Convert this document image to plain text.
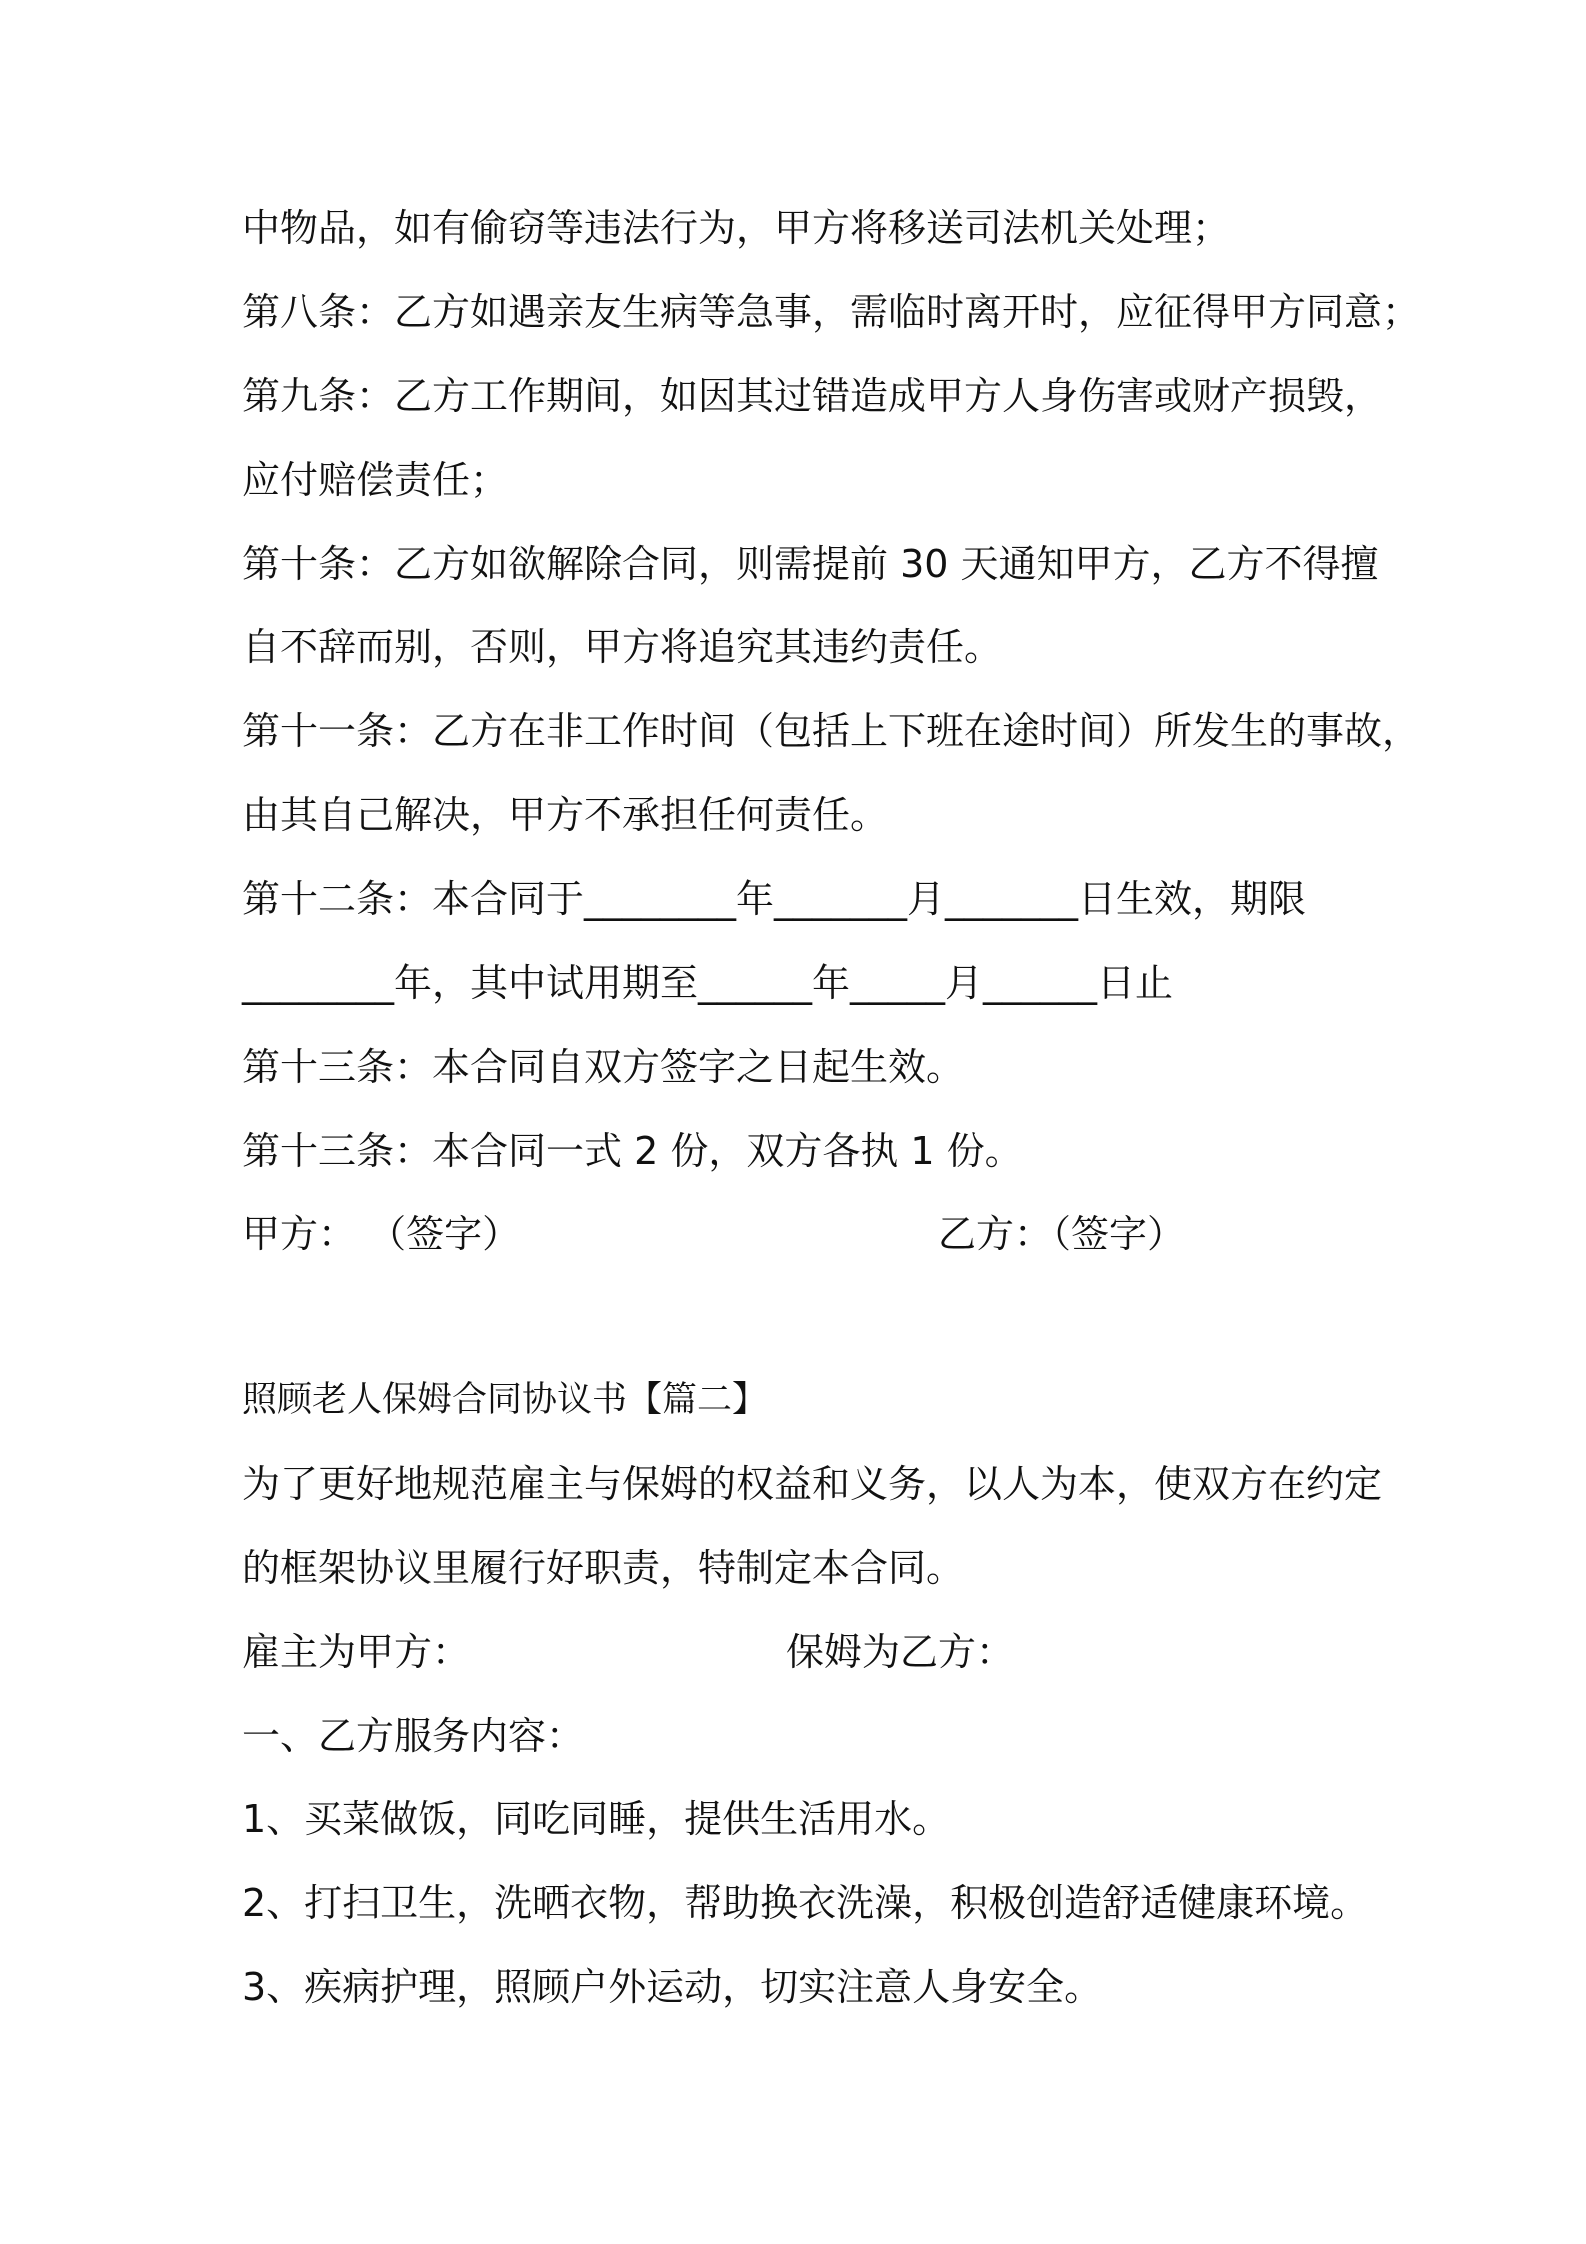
中物品，如有偷窃等违法行为，甲方将移送司法机关处理；
第八条：乙方如遇亲友生病等急事，需临时离开时，应征得甲方同意；
第九条：乙方工作期间，如因其过错造成甲方人身伤害或财产损毁，
应付赔偿责任；
第十条：乙方如欲解除合同，则需提前 30 天通知甲方，乙方不得擅
自不辞而别，否则，甲方将追究其违约责任。
第十一条：乙方在非工作时间（包括上下班在途时间）所发生的事故，
由其自己解决，甲方不承担任何责任。
第十二条：本合同于________年_______月_______日生效，期限
________年，其中试用期至______年_____月______日止
第十三条：本合同自双方签字之日起生效。
第十三条：本合同一式 2 份，双方各执 1 份。
甲方： （签字）	乙方：（签字）
照顾老人保姆合同协议书【篇二】
为了更好地规范雇主与保姆的权益和义务，以人为本，使双方在约定
的框架协议里履行好职责，特制定本合同。
雇主为甲方：	保姆为乙方：
一、乙方服务内容：
1、买菜做饭，同吃同睡，提供生活用水。
2、打扫卫生，洗晒衣物，帮助换衣洗澡，积极创造舒适健康环境。
3、疾病护理，照顾户外运动，切实注意人身安全。
